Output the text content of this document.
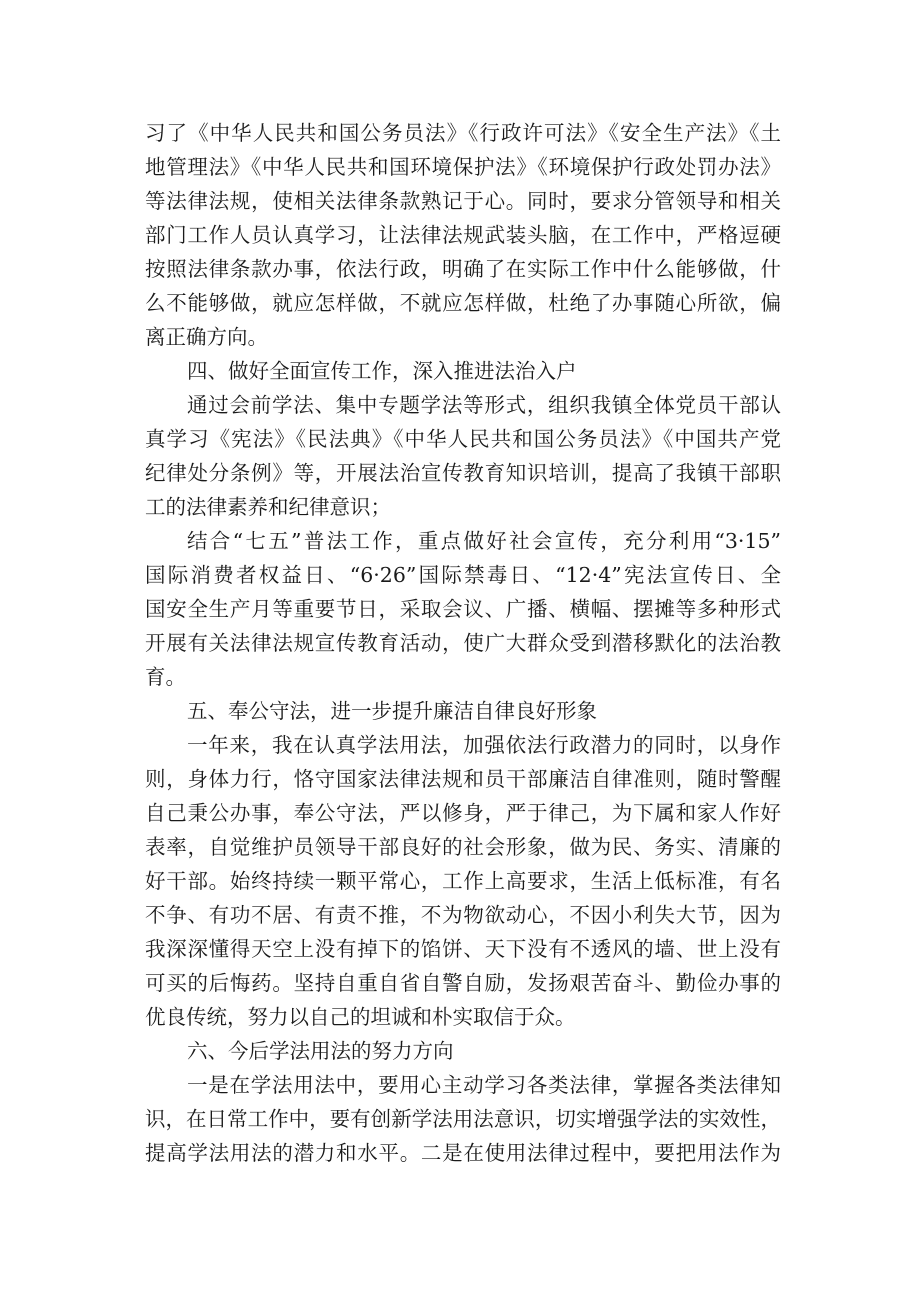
习了《中华人民共和国公务员法》《行政许可法》《安全生产法》《土
地管理法》《中华人民共和国环境保护法》《环境保护行政处罚办法》
等法律法规，使相关法律条款熟记于心。同时，要求分管领导和相关
部门工作人员认真学习，让法律法规武装头脑，在工作中，严格逗硬
按照法律条款办事，依法行政，明确了在实际工作中什么能够做，什
么不能够做，就应怎样做，不就应怎样做，杜绝了办事随心所欲，偏
离正确方向。
四、做好全面宣传工作，深入推进法治入户
通过会前学法、集中专题学法等形式，组织我镇全体党员干部认
真学习《宪法》《民法典》《中华人民共和国公务员法》《中国共产党
纪律处分条例》等，开展法治宣传教育知识培训，提高了我镇干部职
工的法律素养和纪律意识；
结合“七五”普法工作，重点做好社会宣传，充分利用“3·15”
国际消费者权益日、“6·26”国际禁毒日、“12·4”宪法宣传日、全
国安全生产月等重要节日，采取会议、广播、横幅、摆摊等多种形式
开展有关法律法规宣传教育活动，使广大群众受到潜移默化的法治教
育。
五、奉公守法，进一步提升廉洁自律良好形象
一年来，我在认真学法用法，加强依法行政潜力的同时，以身作
则，身体力行，恪守国家法律法规和员干部廉洁自律准则，随时警醒
自己秉公办事，奉公守法，严以修身，严于律己，为下属和家人作好
表率，自觉维护员领导干部良好的社会形象，做为民、务实、清廉的
好干部。始终持续一颗平常心，工作上高要求，生活上低标准，有名
不争、有功不居、有责不推，不为物欲动心，不因小利失大节，因为
我深深懂得天空上没有掉下的馅饼、天下没有不透风的墙、世上没有
可买的后悔药。坚持自重自省自警自励，发扬艰苦奋斗、勤俭办事的
优良传统，努力以自己的坦诚和朴实取信于众。
六、今后学法用法的努力方向
一是在学法用法中，要用心主动学习各类法律，掌握各类法律知
识，在日常工作中，要有创新学法用法意识，切实增强学法的实效性，
提高学法用法的潜力和水平。二是在使用法律过程中，要把用法作为
